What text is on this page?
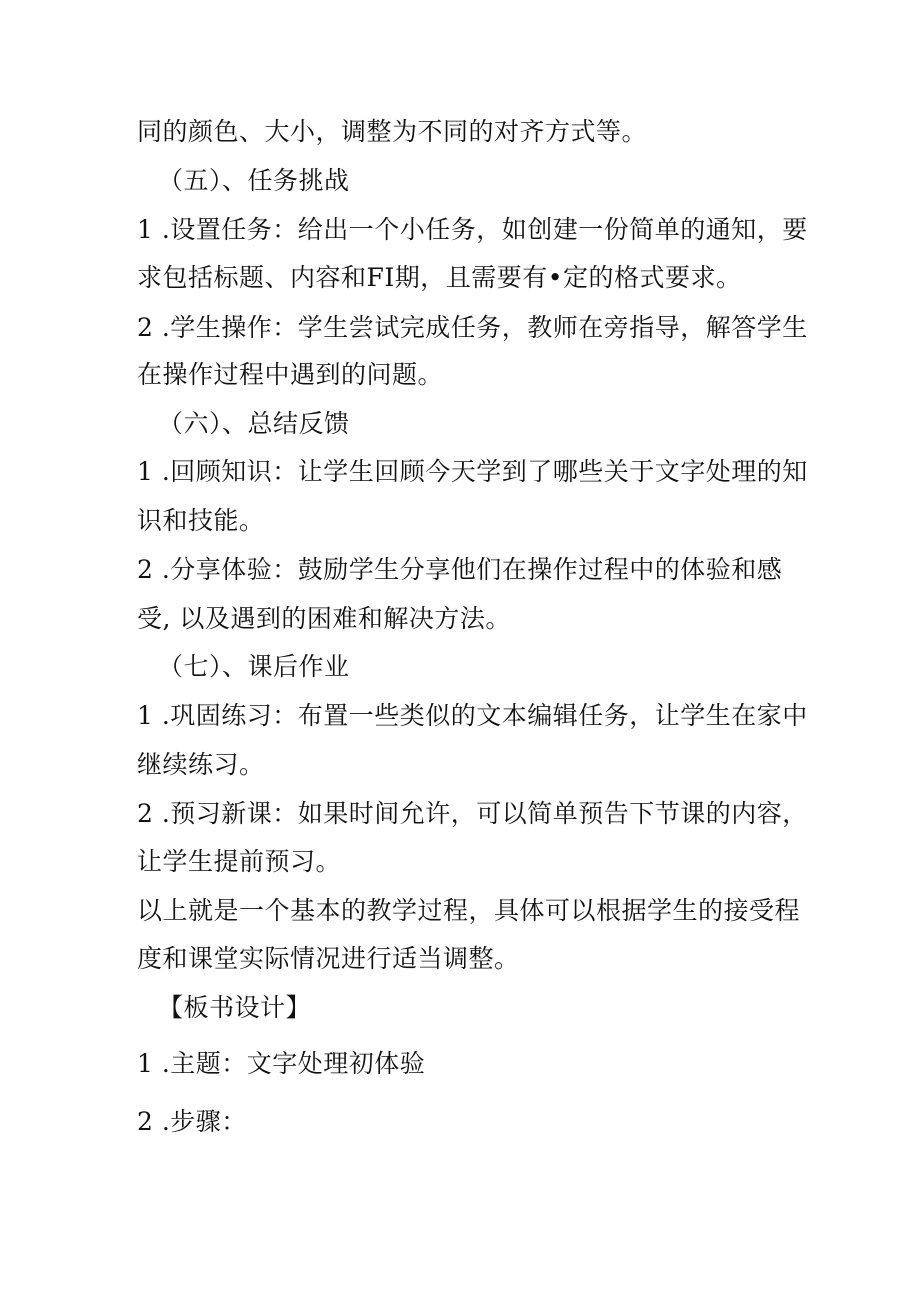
同的颜色、大小，调整为不同的对齐方式等。
（五）、任务挑战
1 .设置任务：给出一个小任务，如创建一份简单的通知，要
求包括标题、内容和FI期，且需要有•定的格式要求。
2 .学生操作：学生尝试完成任务，教师在旁指导，解答学生
在操作过程中遇到的问题。
（六）、总结反馈
1 .回顾知识：让学生回顾今天学到了哪些关于文字处理的知
识和技能。
2 .分享体验：鼓励学生分享他们在操作过程中的体验和感
受, 以及遇到的困难和解决方法。
（七）、课后作业
1 .巩固练习：布置一些类似的文本编辑任务，让学生在家中
继续练习。
2 .预习新课：如果时间允许，可以简单预告下节课的内容，
让学生提前预习。
以上就是一个基本的教学过程，具体可以根据学生的接受程
度和课堂实际情况进行适当调整。
【板书设计】
1 .主题：文字处理初体验
2 .步骤：
